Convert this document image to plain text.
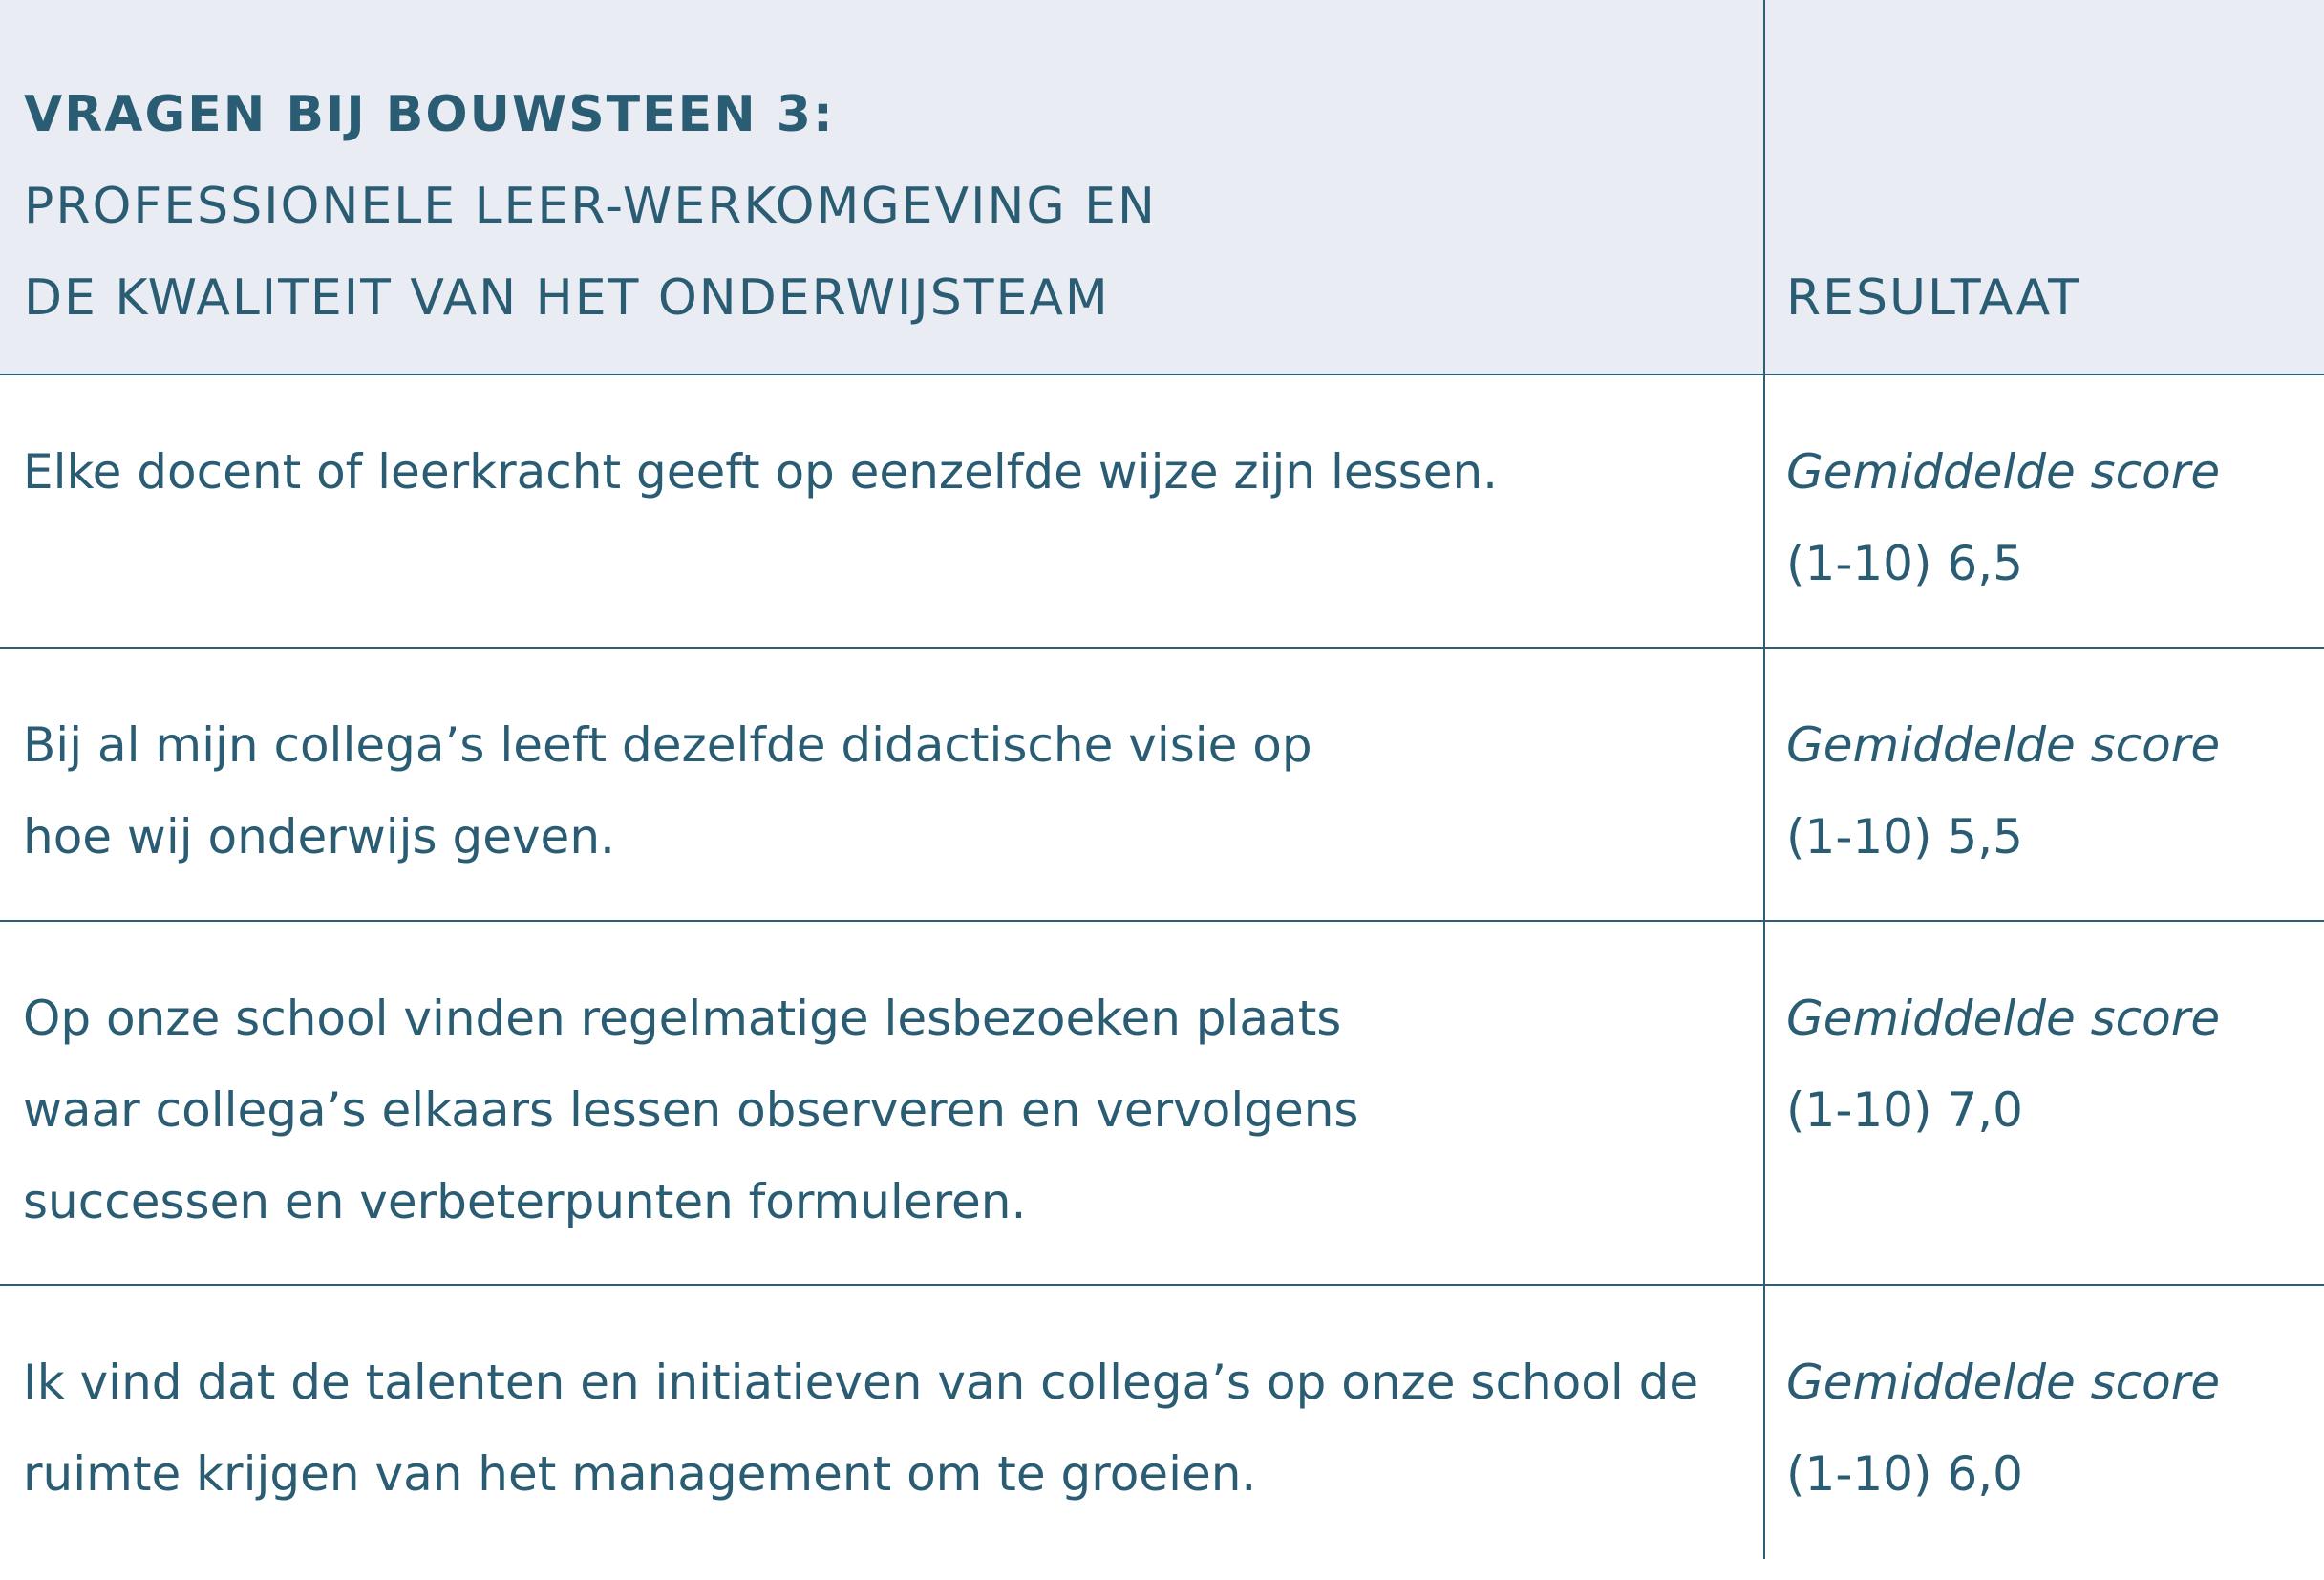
VRAGEN BIJ BOUWSTEEN 3:
PROFESSIONELE LEER-WERKOMGEVING EN
DE KWALITEIT VAN HET ONDERWIJSTEAM	RESULTAAT
Elke docent of leerkracht geeft op eenzelfde wijze zijn lessen.	Gemiddelde score
(1-10) 6,5
Bij al mijn collega’s leeft dezelfde didactische visie op
hoe wij onderwijs geven.
Gemiddelde score
(1-10) 5,5
Op onze school vinden regelmatige lesbezoeken plaats
waar collega’s elkaars lessen observeren en vervolgens
successen en verbeterpunten formuleren.
Gemiddelde score
(1-10) 7,0
Ik vind dat de talenten en initiatieven van collega’s op onze school de
ruimte krijgen van het management om te groeien.
Gemiddelde score
(1-10) 6,0
